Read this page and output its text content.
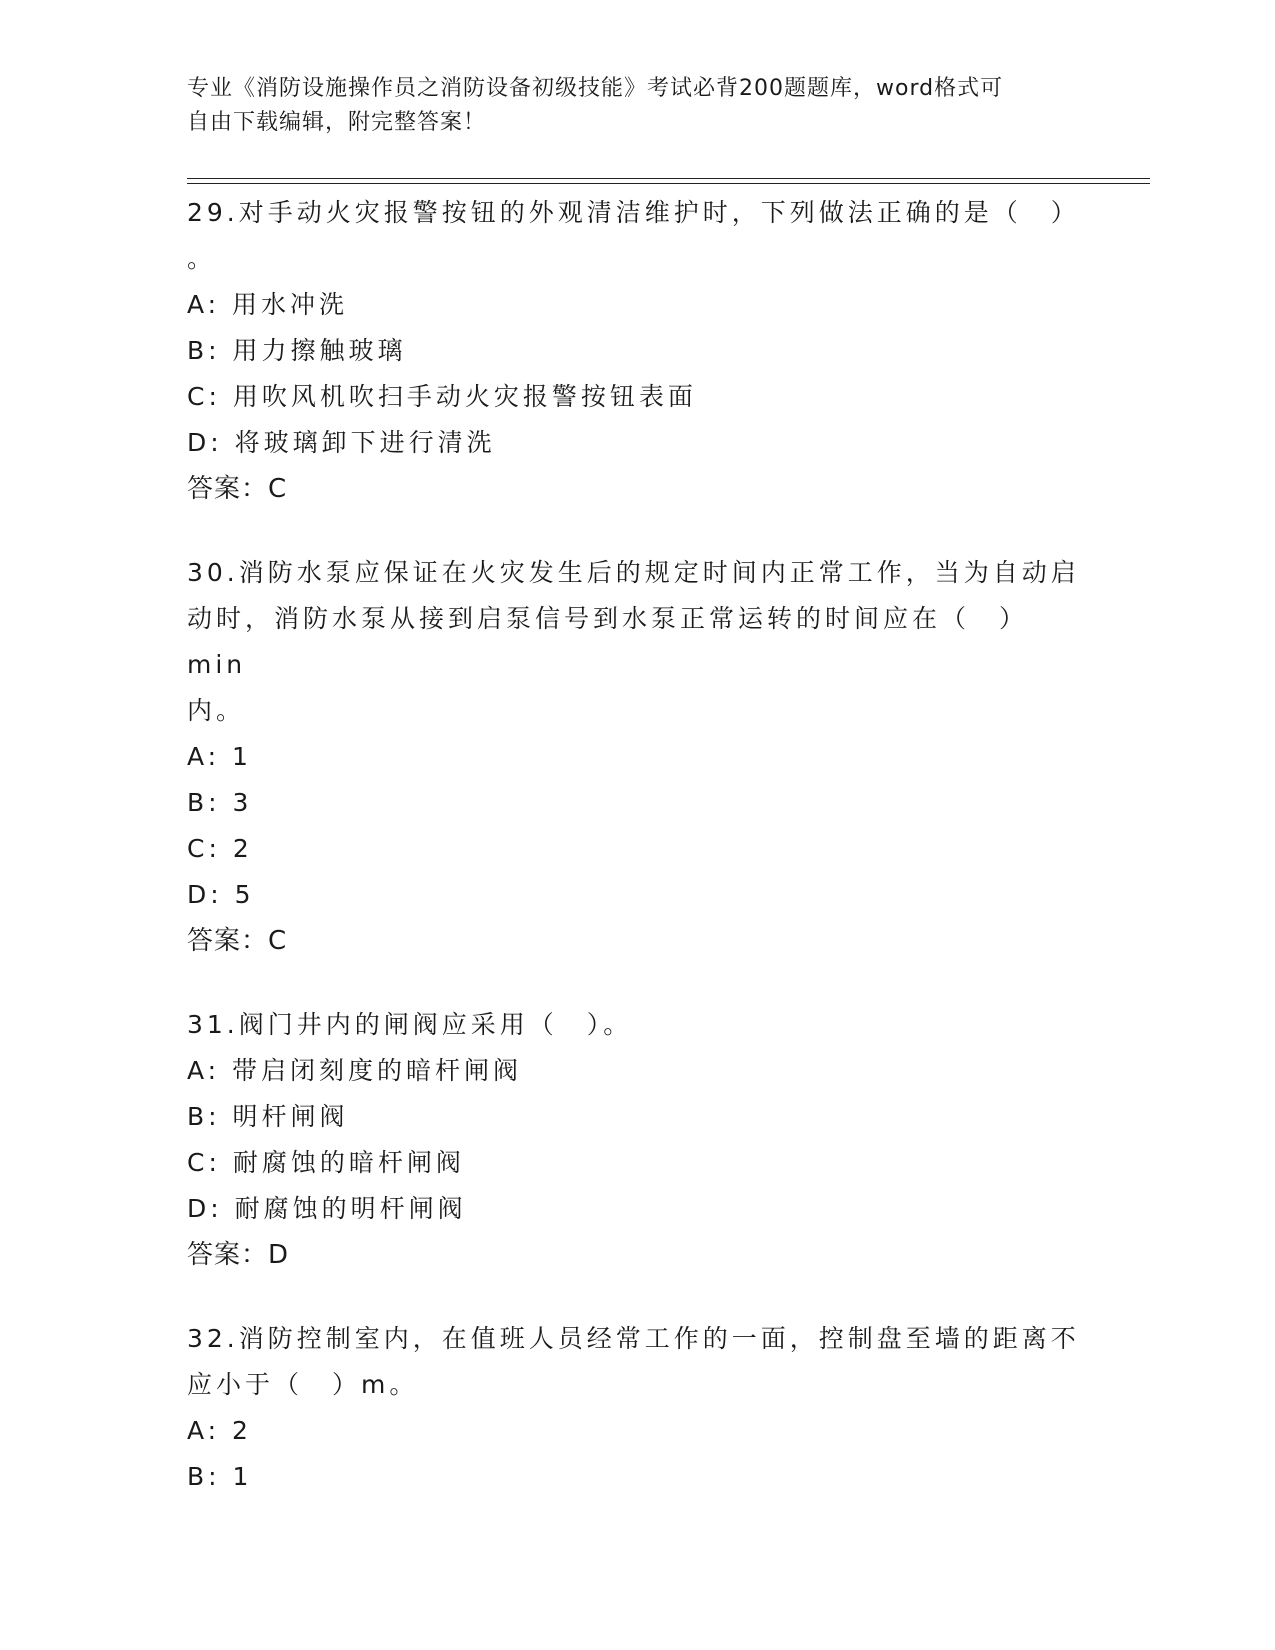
专业《消防设施操作员之消防设备初级技能》考试必背200题题库，word格式可
自由下载编辑，附完整答案！
29.对手动火灾报警按钮的外观清洁维护时，下列做法正确的是（　）
。
A: 用水冲洗
B: 用力擦触玻璃
C: 用吹风机吹扫手动火灾报警按钮表面
D: 将玻璃卸下进行清洗
答案：C
30.消防水泵应保证在火灾发生后的规定时间内正常工作，当为自动启
动时，消防水泵从接到启泵信号到水泵正常运转的时间应在（　）min
内。
A: 1
B: 3
C: 2
D: 5
答案：C
31.阀门井内的闸阀应采用（　）。
A: 带启闭刻度的暗杆闸阀
B: 明杆闸阀
C: 耐腐蚀的暗杆闸阀
D: 耐腐蚀的明杆闸阀
答案：D
32.消防控制室内，在值班人员经常工作的一面，控制盘至墙的距离不
应小于（　）m。
A: 2
B: 1
